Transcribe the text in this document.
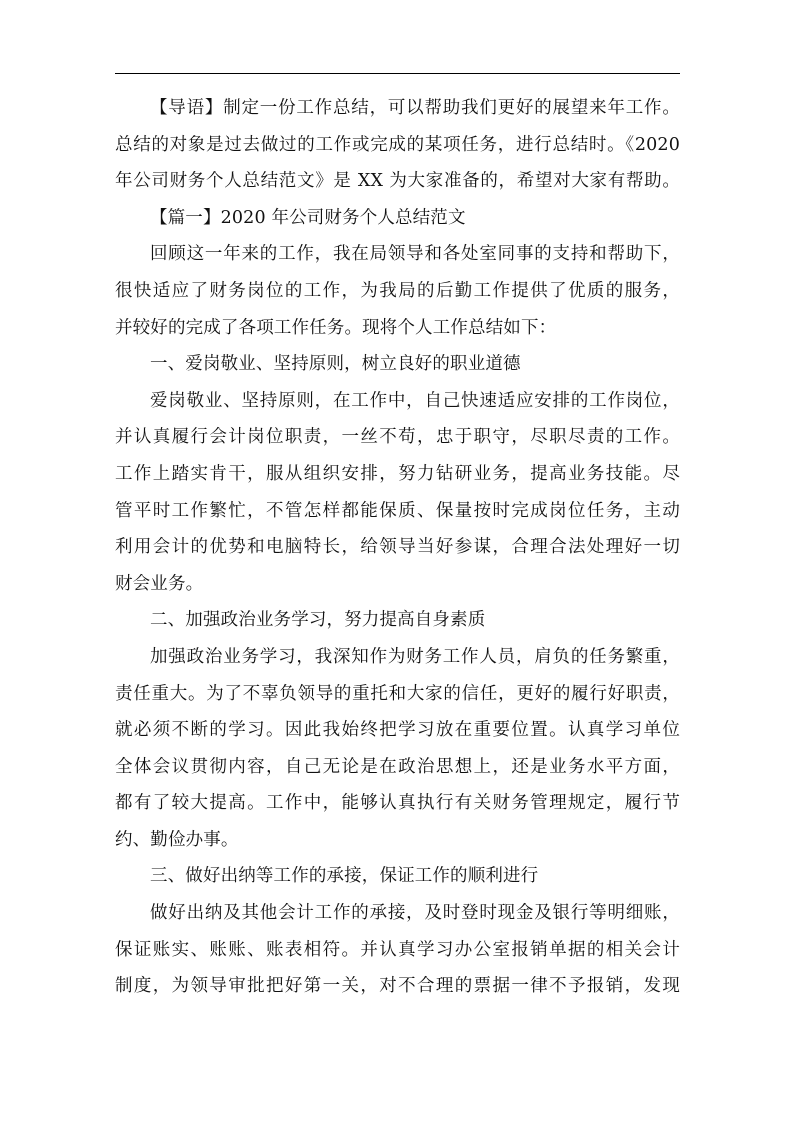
【导语】制定一份工作总结，可以帮助我们更好的展望来年工作。
总结的对象是过去做过的工作或完成的某项任务，进行总结时。《2020
年公司财务个人总结范文》是 XX 为大家准备的，希望对大家有帮助。
【篇一】2020 年公司财务个人总结范文
回顾这一年来的工作，我在局领导和各处室同事的支持和帮助下，
很快适应了财务岗位的工作，为我局的后勤工作提供了优质的服务，
并较好的完成了各项工作任务。现将个人工作总结如下：
一、爱岗敬业、坚持原则，树立良好的职业道德
爱岗敬业、坚持原则，在工作中，自己快速适应安排的工作岗位，
并认真履行会计岗位职责，一丝不苟，忠于职守，尽职尽责的工作。
工作上踏实肯干，服从组织安排，努力钻研业务，提高业务技能。尽
管平时工作繁忙，不管怎样都能保质、保量按时完成岗位任务，主动
利用会计的优势和电脑特长，给领导当好参谋，合理合法处理好一切
财会业务。
二、加强政治业务学习，努力提高自身素质
加强政治业务学习，我深知作为财务工作人员，肩负的任务繁重，
责任重大。为了不辜负领导的重托和大家的信任，更好的履行好职责，
就必须不断的学习。因此我始终把学习放在重要位置。认真学习单位
全体会议贯彻内容，自己无论是在政治思想上，还是业务水平方面，
都有了较大提高。工作中，能够认真执行有关财务管理规定，履行节
约、勤俭办事。
三、做好出纳等工作的承接，保证工作的顺利进行
做好出纳及其他会计工作的承接，及时登时现金及银行等明细账，
保证账实、账账、账表相符。并认真学习办公室报销单据的相关会计
制度，为领导审批把好第一关，对不合理的票据一律不予报销，发现
